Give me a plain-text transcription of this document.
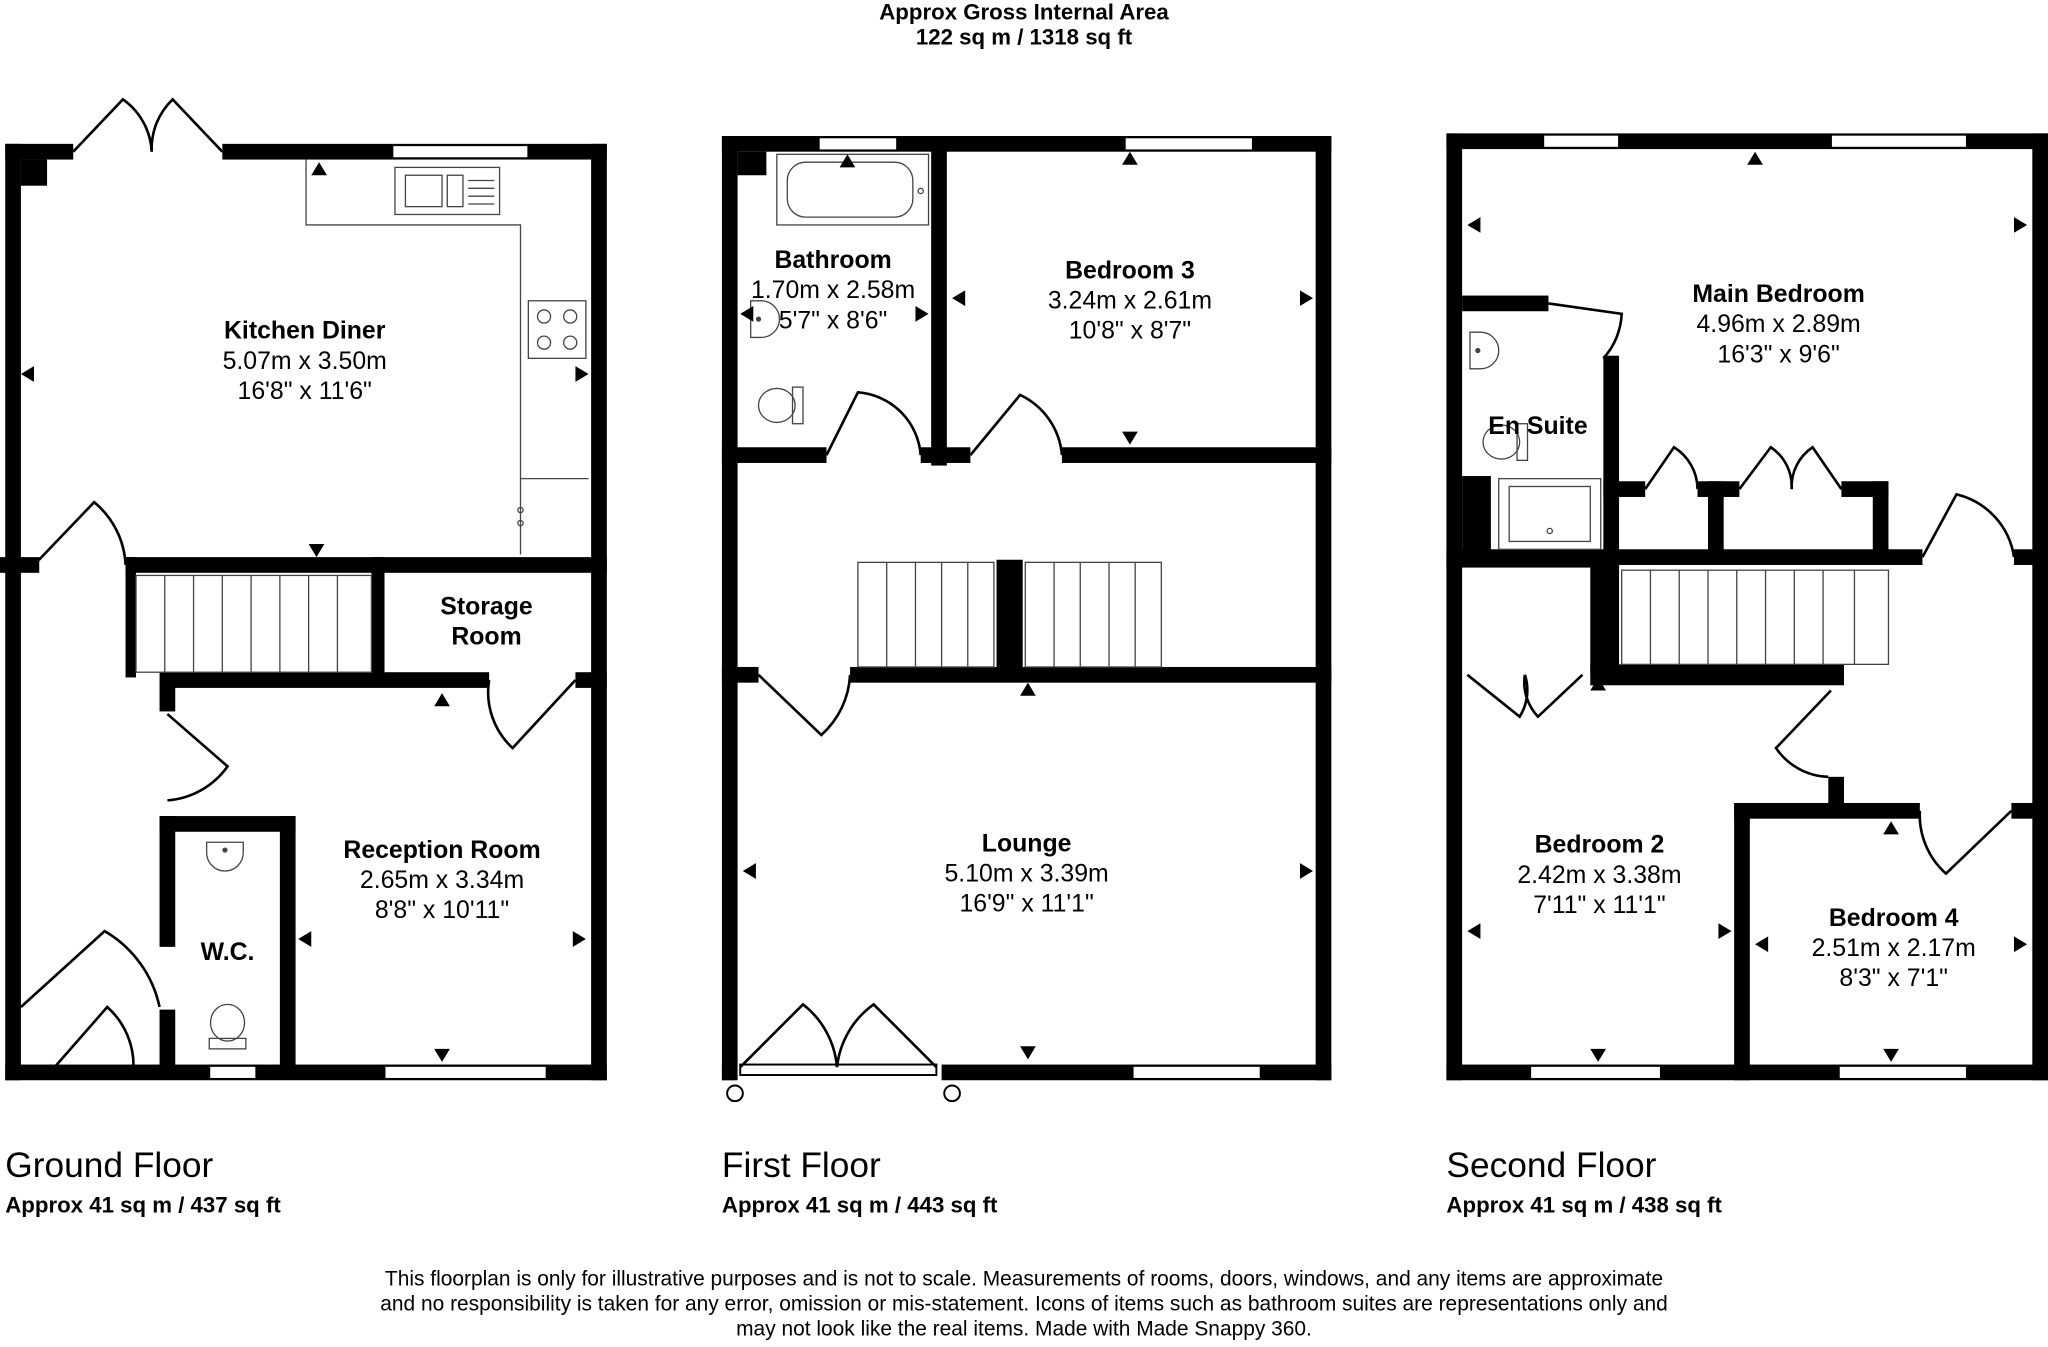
Approx Gross Internal Area

122 sq m / 1318 sq ft

Kitchen Diner
5.07m x 3.50m
16'8" x 11'6"
Storage
Room
Reception Room
2.65m x 3.34m
8'8" x 10'11"
W.C.
Bathroom
1.70m x 2.58m
5'7" x 8'6"
Bedroom 3
3.24m x 2.61m
10'8" x 8'7"
Lounge
5.10m x 3.39m
16'9" x 11'1"
Main Bedroom
4.96m x 2.89m
16'3" x 9'6"
En Suite
Bedroom 2
2.42m x 3.38m
7'11" x 11'1"	Bedroom 4
2.51m x 2.17m
8'3" x 7'1"

Ground Floor

Approx 41 sq m / 437 sq ft

First Floor

Approx 41 sq m / 443 sq ft

Second Floor

Approx 41 sq m / 438 sq ft

This floorplan is only for illustrative purposes and is not to scale. Measurements of rooms, doors, windows, and any items are approximate
and no responsibility is taken for any error, omission or mis-statement. Icons of items such as bathroom suites are representations only and
may not look like the real items. Made with Made Snappy 360.
